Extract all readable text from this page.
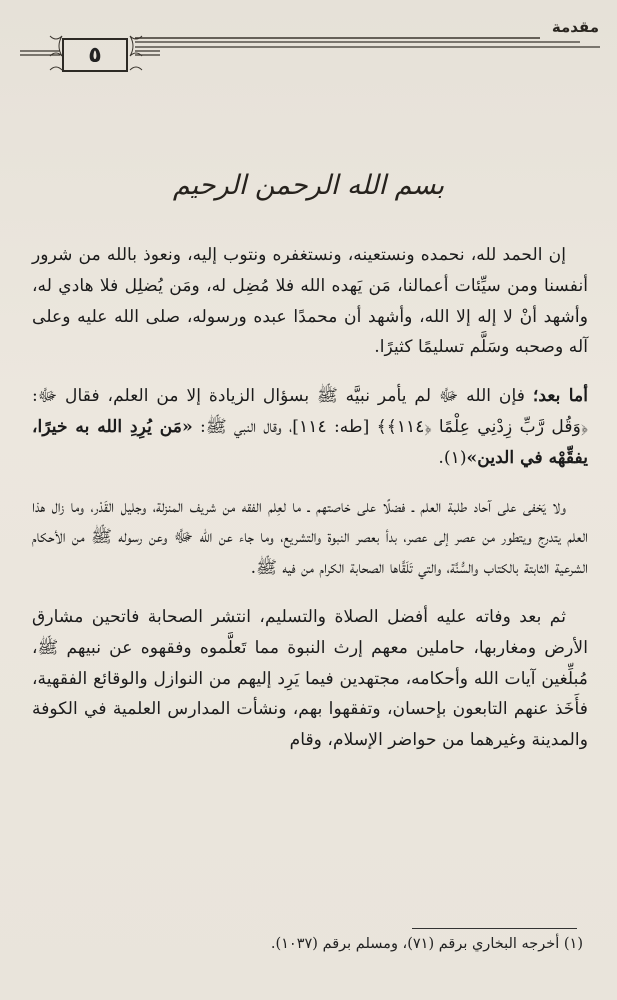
مقدمة
٥
بسم الله الرحمن الرحيم

إن الحمد لله، نحمده ونستعينه، ونستغفره ونتوب إليه، ونعوذ بالله من شرور أنفسنا ومن سيِّئات أعمالنا، مَن يَهده الله فلا مُضِل له، ومَن يُضلِل فلا هادي له، وأشهد أنْ لا إله إلا الله، وأشهد أن محمدًا عبده ورسوله، صلى الله عليه وعلى آله وصحبه وسَلَّم تسليمًا كثيرًا.

أما بعد؛ فإن الله ﷻ لم يأمر نبيَّه ﷺ بسؤال الزيادة إلا من العلم، فقال ﷻ: ﴿وَقُل رَّبِّ زِدْنِي عِلْمًا ﴿١١٤﴾﴾ [طه: ١١٤]، وقال النبي ﷺ: «مَن يُرِدِ الله به خيرًا، يفقِّهْه في الدين»(١).

ولا يَخفى على آحاد طلبة العلم ـ فضلًا على خاصتهم ـ ما لعِلم الفقه من شريف المنزلة، وجليل القَدْر، وما زال هذا العلم يتدرج ويتطور من عصر إلى عصر، بدأ بعصر النبوة والتشريع، وما جاء عن الله ﷻ وعن رسوله ﷺ من الأحكام الشرعية الثابتة بالكتاب والسُّنَّة، والتي تَلَقَّاها الصحابة الكرام من فيه ﷺ.

ثم بعد وفاته عليه أفضل الصلاة والتسليم، انتشر الصحابة فاتحين مشارق الأرض ومغاربها، حاملين معهم إرث النبوة مما تَعلَّموه وفقهوه عن نبيهم ﷺ، مُبلِّغين آيات الله وأحكامه، مجتهدين فيما يَرِد إليهم من النوازل والوقائع الفقهية، فأَخَذ عنهم التابعون بإحسان، وتفقهوا بهم، ونشأت المدارس العلمية في الكوفة والمدينة وغيرهما من حواضر الإسلام، وقام

(١) أخرجه البخاري برقم (٧١)، ومسلم برقم (١٠٣٧).
